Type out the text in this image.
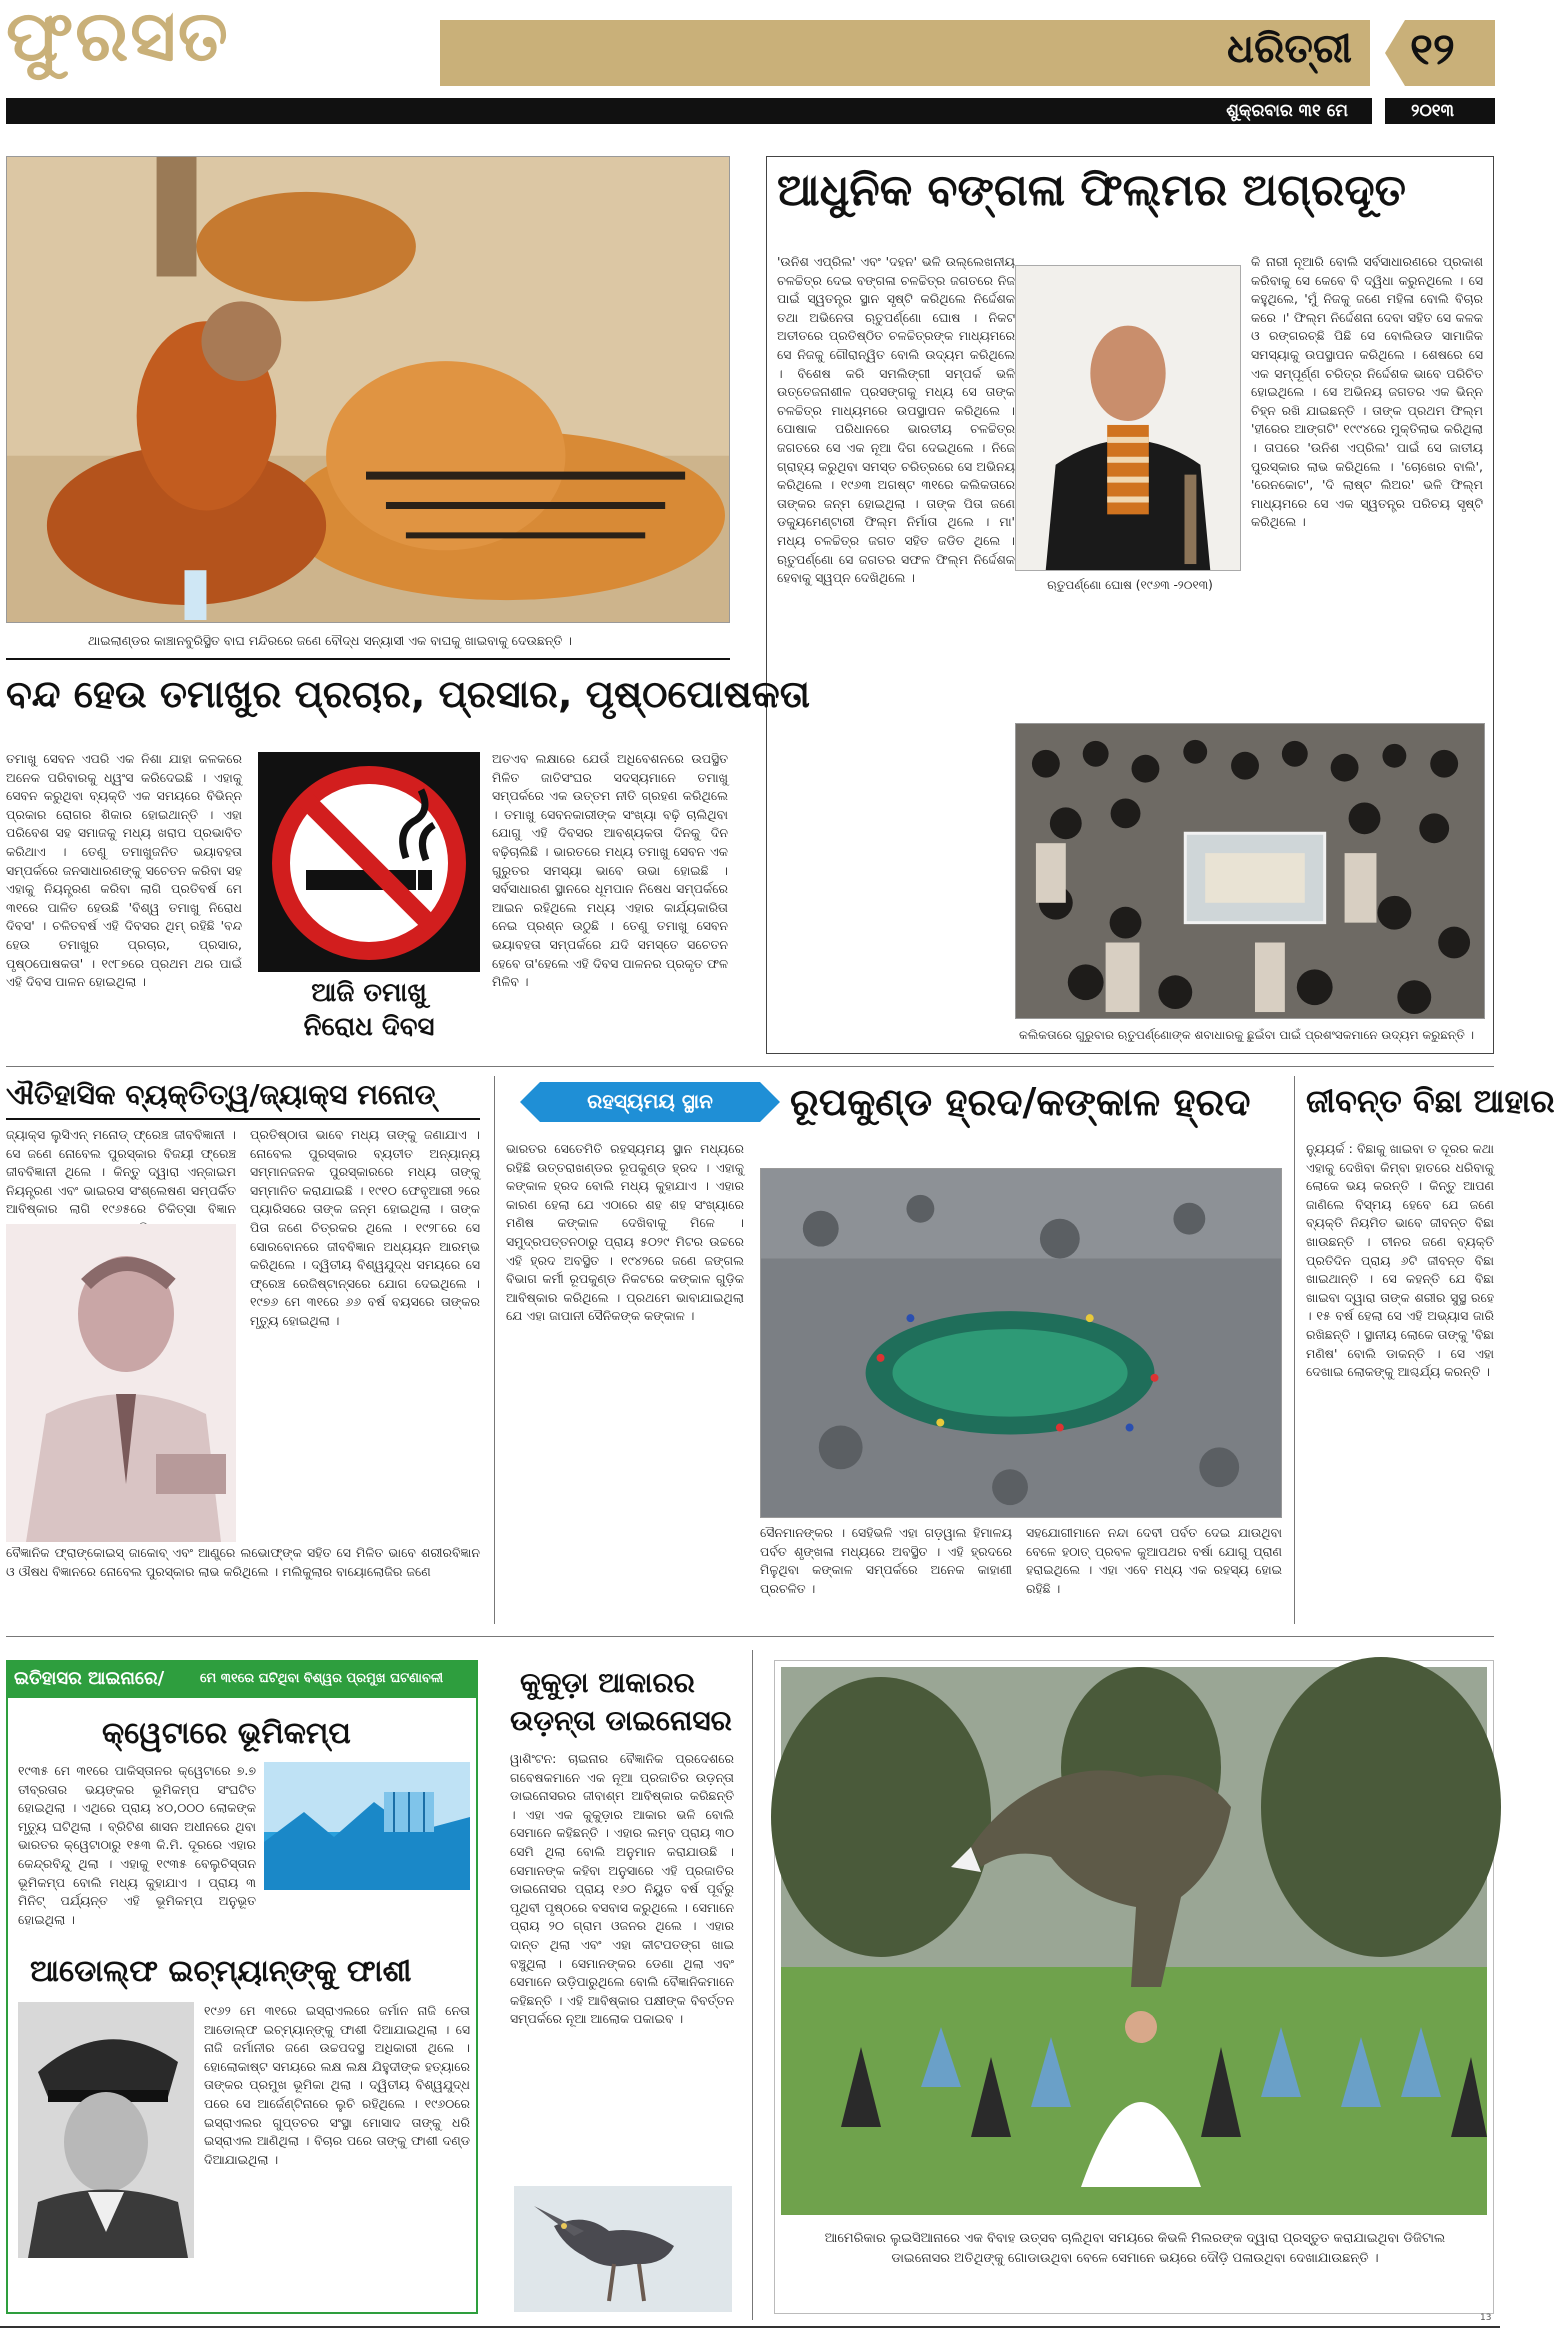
ଫୁରସତ	ଧରିତ୍ରୀ ୧୨
ଶୁକ୍ରବାର ୩୧ ମେ	୨୦୧୩
ଥାଇଲାଣ୍ଡର କାଞ୍ଚାନବୁରିସ୍ଥିତ ବାଘ ମନ୍ଦିରରେ ଜଣେ ବୌଦ୍ଧ ସନ୍ୟାସୀ ଏକ ବାଘକୁ ଖାଇବାକୁ ଦେଉଛନ୍ତି ।
ଆଧୁନିକ ବଙ୍ଗଳା ଫିଲ୍ମର ଅଗ୍ରଦୂତ
'ଉନିଶ ଏପ୍ରିଲ' ଏବଂ 'ଦହନ' ଭଳି ଉଲ୍ଲେଖନୀୟ ଚଳଚ୍ଚିତ୍ର ଦେଇ ବଙ୍ଗଳା ଚଳଚ୍ଚିତ୍ର ଜଗତରେ ନିଜ ପାଇଁ ସ୍ୱତନ୍ତ୍ର ସ୍ଥାନ ସୃଷ୍ଟି କରିଥିଲେ ନିର୍ଦ୍ଦେଶକ ତଥା ଅଭିନେତା ଋତୁପର୍ଣ୍ଣୋ ଘୋଷ । ନିକଟ ଅତୀତରେ ପ୍ରତିଷ୍ଠିତ ଚଳଚ୍ଚିତ୍ରଙ୍କ ମାଧ୍ୟମରେ ସେ ନିଜକୁ ଗୌରାନ୍ୱିତ ବୋଲି ଉଦ୍ୟମ କରିଥିଲେ । ବିଶେଷ କରି ସମଲିଙ୍ଗୀ ସମ୍ପର୍କ ଭଳି ଉତ୍ତେଜନାଶୀଳ ପ୍ରସଙ୍ଗକୁ ମଧ୍ୟ ସେ ତାଙ୍କ ଚଳଚ୍ଚିତ୍ର ମାଧ୍ୟମରେ ଉପସ୍ଥାପନ କରିଥିଲେ । ପୋଷାକ ପରିଧାନରେ ଭାରତୀୟ ଚଳଚ୍ଚିତ୍ର ଜଗତରେ ସେ ଏକ ନୂଆ ଦିଗ ଦେଇଥିଲେ । ନିଜେ ଗ୍ରାହ୍ୟ କରୁଥିବା ସମସ୍ତ ଚରିତ୍ରରେ ସେ ଅଭିନୟ କରିଥିଲେ । ୧୯୬୩ ଅଗଷ୍ଟ ୩୧ରେ କଲିକତାରେ ତାଙ୍କର ଜନ୍ମ ହୋଇଥିଲା । ତାଙ୍କ ପିତା ଜଣେ ଡକ୍ୟୁମେଣ୍ଟାରୀ ଫିଲ୍ମ ନିର୍ମାତା ଥିଲେ । ମା' ମଧ୍ୟ ଚଳଚ୍ଚିତ୍ର ଜଗତ ସହିତ ଜଡିତ ଥିଲେ । ଋତୁପର୍ଣ୍ଣୋ ସେ ଜଗତର ସଫଳ ଫିଲ୍ମ ନିର୍ଦ୍ଦେଶକ ହେବାକୁ ସ୍ୱପ୍ନ ଦେଖିଥିଲେ ।	ଋତୁପର୍ଣ୍ଣୋ ଘୋଷ (୧୯୬୩ -୨୦୧୩)
କି ନାରୀ ନୂଆରି ବୋଲି ସର୍ବସାଧାରଣରେ ପ୍ରକାଶ କରିବାକୁ ସେ କେବେ ବି ଦ୍ୱିଧା କରୁନଥିଲେ । ସେ କହୁଥିଲେ, 'ମୁଁ ନିଜକୁ ଜଣେ ମହିଳା ବୋଲି ବିଚାର କରେ ।' ଫିଲ୍ମ ନିର୍ଦ୍ଦେଶନା ଦେବା ସହିତ ସେ କଳକ ଓ ରଙ୍ଗରଚ୍ଛି ପିଛି ସେ ବୋଲିଉଡ ସାମାଜିକ ସମସ୍ୟାକୁ ଉପସ୍ଥାପନ କରିଥିଲେ । ଶେଷରେ ସେ ଏକ ସମ୍ପୂର୍ଣ୍ଣ ଚରିତ୍ର ନିର୍ଦ୍ଦେଶକ ଭାବେ ପରିଚିତ ହୋଇଥିଲେ । ସେ ଅଭିନୟ ଜଗତର ଏକ ଭିନ୍ନ ଚିହ୍ନ ରଖି ଯାଇଛନ୍ତି । ତାଙ୍କ ପ୍ରଥମ ଫିଲ୍ମ 'ହୀରେର ଆଙ୍ଗଟି' ୧୯୯୪ରେ ମୁକ୍ତିଲାଭ କରିଥିଲା । ତାପରେ 'ଉନିଶ ଏପ୍ରିଲ' ପାଇଁ ସେ ଜାତୀୟ ପୁରସ୍କାର ଲାଭ କରିଥିଲେ । 'ଚୋଖେର ବାଲି', 'ରେନକୋଟ', 'ଦି ଲାଷ୍ଟ ଲିଅର' ଭଳି ଫିଲ୍ମ ମାଧ୍ୟମରେ ସେ ଏକ ସ୍ୱତନ୍ତ୍ର ପରିଚୟ ସୃଷ୍ଟି କରିଥିଲେ ।
କଲିକତାରେ ଗୁରୁବାର ଋତୁପର୍ଣ୍ଣୋଙ୍କ ଶବାଧାରକୁ ଛୁଇଁବା ପାଇଁ ପ୍ରଶଂସକମାନେ ଉଦ୍ୟମ କରୁଛନ୍ତି ।
ବନ୍ଦ ହେଉ ତମାଖୁର ପ୍ରଚାର, ପ୍ରସାର, ପୃଷ୍ଠପୋଷକତା
ତମାଖୁ ସେବନ ଏପରି ଏକ ନିଶା ଯାହା କଳକରେ ଅନେକ ପରିବାରକୁ ଧ୍ୱଂସ କରିଦେଇଛି । ଏହାକୁ ସେବନ କରୁଥିବା ବ୍ୟକ୍ତି ଏକ ସମୟରେ ବିଭିନ୍ନ ପ୍ରକାର ରୋଗର ଶିକାର ହୋଇଥାନ୍ତି । ଏହା ପରିବେଶ ସହ ସମାଜକୁ ମଧ୍ୟ ଖରାପ ପ୍ରଭାବିତ କରିଥାଏ । ତେଣୁ ତମାଖୁଜନିତ ଭୟାବହତା ସମ୍ପର୍କରେ ଜନସାଧାରଣଙ୍କୁ ସଚେତନ କରିବା ସହ ଏହାକୁ ନିୟନ୍ତ୍ରଣ କରିବା ଲାଗି ପ୍ରତିବର୍ଷ ମେ ୩୧ରେ ପାଳିତ ହେଉଛି 'ବିଶ୍ୱ ତମାଖୁ ନିରୋଧ ଦିବସ' । ଚଳିତବର୍ଷ ଏହି ଦିବସର ଥିମ୍ ରହିଛି 'ବନ୍ଦ ହେଉ ତମାଖୁର ପ୍ରଚାର, ପ୍ରସାର, ପୃଷ୍ଠପୋଷକତା' । ୧୯୮୭ରେ ପ୍ରଥମ ଥର ପାଇଁ ଏହି ଦିବସ ପାଳନ ହୋଇଥିଲା ।	ଆଜି ତମାଖୁ
ନିରୋଧ ଦିବସ
ଅତଏବ ଲକ୍ଷାରେ ଯେଉଁ ଅଧିବେଶନରେ ଉପସ୍ଥିତ ମିଳିତ ଜାତିସଂଘର ସଦସ୍ୟମାନେ ତମାଖୁ ସମ୍ପର୍କରେ ଏକ ଉତ୍ତମ ନୀତି ଗ୍ରହଣ କରିଥିଲେ । ତମାଖୁ ସେବନକାରୀଙ୍କ ସଂଖ୍ୟା ବଢ଼ି ଚାଲିଥିବା ଯୋଗୁ ଏହି ଦିବସର ଆବଶ୍ୟକତା ଦିନକୁ ଦିନ ବଢ଼ିଚାଲିଛି । ଭାରତରେ ମଧ୍ୟ ତମାଖୁ ସେବନ ଏକ ଗୁରୁତର ସମସ୍ୟା ଭାବେ ଉଭା ହୋଇଛି । ସର୍ବସାଧାରଣ ସ୍ଥାନରେ ଧୂମପାନ ନିଷେଧ ସମ୍ପର୍କରେ ଆଇନ ରହିଥିଲେ ମଧ୍ୟ ଏହାର କାର୍ଯ୍ୟକାରିତା ନେଇ ପ୍ରଶ୍ନ ଉଠୁଛି । ତେଣୁ ତମାଖୁ ସେବନ ଭୟାବହତା ସମ୍ପର୍କରେ ଯଦି ସମସ୍ତେ ସଚେତନ ହେବେ ତା'ହେଲେ ଏହି ଦିବସ ପାଳନର ପ୍ରକୃତ ଫଳ ମିଳିବ ।
ଐତିହାସିକ ବ୍ୟକ୍ତିତ୍ୱ/ଜ୍ୟାକ୍ସ ମନୋଡ୍
ଜ୍ୟାକ୍ସ ଲୁସିଏନ୍ ମନୋଡ୍ ଫ୍ରେଞ୍ଚ ଜୀବବିଜ୍ଞାନୀ । ସେ ଜଣେ ନୋବେଲ ପୁରସ୍କାର ବିଜୟୀ ଫ୍ରେଞ୍ଚ ଜୀବବିଜ୍ଞାନୀ ଥିଲେ । କିନ୍ତୁ ଦ୍ୱାରା ଏନ୍‌ଜାଇମ ନିୟନ୍ତ୍ରଣ ଏବଂ ଭାଇରସ ସଂଶ୍ଲେଷଣ ସମ୍ପର୍କିତ ଆବିଷ୍କାର ଲାଗି ୧୯୬୫ରେ ଚିକିତ୍ସା ବିଜ୍ଞାନ
ପ୍ରତିଷ୍ଠାତା ଭାବେ ମଧ୍ୟ ତାଙ୍କୁ ଜଣାଯାଏ । ନୋବେଲ ପୁରସ୍କାର ବ୍ୟତୀତ ଅନ୍ୟାନ୍ୟ ସମ୍ମାନଜନକ ପୁରସ୍କାରରେ ମଧ୍ୟ ତାଙ୍କୁ ସମ୍ମାନିତ କରାଯାଇଛି । ୧୯୧୦ ଫେବୃଆରୀ ୨ରେ ପ୍ୟାରିସରେ ତାଙ୍କ ଜନ୍ମ ହୋଇଥିଲା । ତାଙ୍କ ପିତା ଜଣେ ଚିତ୍ରକର ଥିଲେ । ୧୯୨୮ରେ ସେ ସୋରବୋନରେ ଜୀବବିଜ୍ଞାନ ଅଧ୍ୟୟନ ଆରମ୍ଭ କରିଥିଲେ । ଦ୍ୱିତୀୟ ବିଶ୍ୱଯୁଦ୍ଧ ସମୟରେ ସେ ଫ୍ରେଞ୍ଚ ରେଜିଷ୍ଟାନ୍ସରେ ଯୋଗ ଦେଇଥିଲେ । ୧୯୭୬ ମେ ୩୧ରେ ୬୬ ବର୍ଷ ବୟସରେ ତାଙ୍କର ମୃତ୍ୟୁ ହୋଇଥିଲା ।
ବୈଜ୍ଞାନିକ ଫ୍ରାଙ୍କୋଇସ୍ ଜାକୋବ୍ ଏବଂ ଆଣ୍ଡ୍ରେ ଲଭୋଫ୍‌ଙ୍କ ସହିତ ସେ ମିଳିତ ଭାବେ ଶରୀରବିଜ୍ଞାନ ଓ ଔଷଧ ବିଜ୍ଞାନରେ ନୋବେଲ ପୁରସ୍କାର ଲାଭ କରିଥିଲେ । ମଲିକୁଲାର ବାୟୋଲୋଜିର ଜଣେ
ରହସ୍ୟମୟ ସ୍ଥାନ	ରୂପକୁଣ୍ଡ ହ୍ରଦ/କଙ୍କାଳ ହ୍ରଦ
ଭାରତର ସେତେମିତି ରହସ୍ୟମୟ ସ୍ଥାନ ମଧ୍ୟରେ ରହିଛି ଉତ୍ତରାଖଣ୍ଡର ରୂପକୁଣ୍ଡ ହ୍ରଦ । ଏହାକୁ କଙ୍କାଳ ହ୍ରଦ ବୋଲି ମଧ୍ୟ କୁହାଯାଏ । ଏହାର କାରଣ ହେଲା ଯେ ଏଠାରେ ଶହ ଶହ ସଂଖ୍ୟାରେ ମଣିଷ କଙ୍କାଳ ଦେଖିବାକୁ ମିଳେ । ସମୁଦ୍ରପତ୍ତନଠାରୁ ପ୍ରାୟ ୫୦୨୯ ମିଟର ଉଚ୍ଚରେ ଏହି ହ୍ରଦ ଅବସ୍ଥିତ । ୧୯୪୨ରେ ଜଣେ ଜଙ୍ଗଲ ବିଭାଗ କର୍ମୀ ରୂପକୁଣ୍ଡ ନିକଟରେ କଙ୍କାଳ ଗୁଡ଼ିକ ଆବିଷ୍କାର କରିଥିଲେ । ପ୍ରଥମେ ଭାବାଯାଇଥିଲା ଯେ ଏହା ଜାପାନୀ ସୈନିକଙ୍କ କଙ୍କାଳ ।
ସୈନମାନଙ୍କର । ସେହିଭଳି ଏହା ଗଡ଼ୱାଲ ହିମାଳୟ ପର୍ବତ ଶୃଙ୍ଖଳା ମଧ୍ୟରେ ଅବସ୍ଥିତ । ଏହି ହ୍ରଦରେ ମିଳୁଥିବା କଙ୍କାଳ ସମ୍ପର୍କରେ ଅନେକ କାହାଣୀ ପ୍ରଚଳିତ ।
ସହଯୋଗୀମାନେ ନନ୍ଦା ଦେବୀ ପର୍ବତ ଦେଇ ଯାଉଥିବା ବେଳେ ହଠାତ୍ ପ୍ରବଳ କୁଆପଥର ବର୍ଷା ଯୋଗୁ ପ୍ରାଣ ହରାଇଥିଲେ । ଏହା ଏବେ ମଧ୍ୟ ଏକ ରହସ୍ୟ ହୋଇ ରହିଛି ।
ଜୀବନ୍ତ ବିଛା ଆହାର
ନ୍ୟୁୟର୍କ : ବିଛାକୁ ଖାଇବା ତ ଦୂରର କଥା ଏହାକୁ ଦେଖିବା କିମ୍ବା ହାତରେ ଧରିବାକୁ ଲୋକେ ଭୟ କରନ୍ତି । କିନ୍ତୁ ଆପଣ ଜାଣିଲେ ବିସ୍ମୟ ହେବେ ଯେ ଜଣେ ବ୍ୟକ୍ତି ନିୟମିତ ଭାବେ ଜୀବନ୍ତ ବିଛା ଖାଉଛନ୍ତି । ଚୀନର ଜଣେ ବ୍ୟକ୍ତି ପ୍ରତିଦିନ ପ୍ରାୟ ୬ଟି ଜୀବନ୍ତ ବିଛା ଖାଇଥାନ୍ତି । ସେ କହନ୍ତି ଯେ ବିଛା ଖାଇବା ଦ୍ୱାରା ତାଙ୍କ ଶରୀର ସୁସ୍ଥ ରହେ । ୧୫ ବର୍ଷ ହେଲା ସେ ଏହି ଅଭ୍ୟାସ ଜାରି ରଖିଛନ୍ତି । ସ୍ଥାନୀୟ ଲୋକେ ତାଙ୍କୁ 'ବିଛା ମଣିଷ' ବୋଲି ଡାକନ୍ତି । ସେ ଏହା ଦେଖାଇ ଲୋକଙ୍କୁ ଆଶ୍ଚର୍ଯ୍ୟ କରନ୍ତି ।
ଇତିହାସର ଆଇନାରେ/	ମେ ୩୧ରେ ଘଟିଥିବା ବିଶ୍ୱର ପ୍ରମୁଖ ଘଟଣାବଳୀ
କ୍ୱେଟାରେ ଭୂମିକମ୍ପ
୧୯୩୫ ମେ ୩୧ରେ ପାକିସ୍ତାନର କ୍ୱେଟାରେ ୭.୭ ତୀବ୍ରତାର ଭୟଙ୍କର ଭୂମିକମ୍ପ ସଂଘଟିତ ହୋଇଥିଲା । ଏଥିରେ ପ୍ରାୟ ୪୦,୦୦୦ ଲୋକଙ୍କ ମୃତ୍ୟୁ ଘଟିଥିଲା । ବ୍ରିଟିଶ ଶାସନ ଅଧୀନରେ ଥିବା ଭାରତର କ୍ୱେଟାଠାରୁ ୧୫୩ କି.ମି. ଦୂରରେ ଏହାର କେନ୍ଦ୍ରବିନ୍ଦୁ ଥିଲା । ଏହାକୁ ୧୯୩୫ ବେଲୁଚିସ୍ତାନ ଭୂମିକମ୍ପ ବୋଲି ମଧ୍ୟ କୁହାଯାଏ । ପ୍ରାୟ ୩ ମିନିଟ୍ ପର୍ଯ୍ୟନ୍ତ ଏହି ଭୂମିକମ୍ପ ଅନୁଭୂତ ହୋଇଥିଲା ।
ଆଡୋଲ୍ଫ ଇଚ୍‌ମ୍ୟାନ୍‌ଙ୍କୁ ଫାଶୀ
୧୯୬୨ ମେ ୩୧ରେ ଇସ୍ରାଏଲରେ ଜର୍ମାନ ନାଜି ନେତା ଆଡୋଲ୍ଫ ଇଚ୍‌ମ୍ୟାନ୍‌ଙ୍କୁ ଫାଶୀ ଦିଆଯାଇଥିଲା । ସେ ନାଜି ଜର୍ମାନୀର ଜଣେ ଉଚ୍ଚପଦସ୍ଥ ଅଧିକାରୀ ଥିଲେ । ହୋଲୋକାଷ୍ଟ ସମୟରେ ଲକ୍ଷ ଲକ୍ଷ ଯିହୁଦୀଙ୍କ ହତ୍ୟାରେ ତାଙ୍କର ପ୍ରମୁଖ ଭୂମିକା ଥିଲା । ଦ୍ୱିତୀୟ ବିଶ୍ୱଯୁଦ୍ଧ ପରେ ସେ ଆର୍ଜେଣ୍ଟିନାରେ ଲୁଚି ରହିଥିଲେ । ୧୯୬୦ରେ ଇସ୍ରାଏଲର ଗୁପ୍ତଚର ସଂସ୍ଥା ମୋସାଦ ତାଙ୍କୁ ଧରି ଇସ୍ରାଏଲ ଆଣିଥିଲା । ବିଚାର ପରେ ତାଙ୍କୁ ଫାଶୀ ଦଣ୍ଡ ଦିଆଯାଇଥିଲା ।
କୁକୁଡ଼ା ଆକାରର
ଉଡ଼ନ୍ତା ଡାଇନୋସର
ୱାଶିଂଟନ: ଚାଇନାର ବୈଜ୍ଞାନିକ ପ୍ରଦେଶରେ ଗବେଷକମାନେ ଏକ ନୂଆ ପ୍ରଜାତିର ଉଡ଼ନ୍ତା ଡାଇନୋସରର ଜୀବାଶ୍ମ ଆବିଷ୍କାର କରିଛନ୍ତି । ଏହା ଏକ କୁକୁଡ଼ାର ଆକାର ଭଳି ବୋଲି ସେମାନେ କହିଛନ୍ତି । ଏହାର ଲମ୍ବ ପ୍ରାୟ ୩୦ ସେମି ଥିଲା ବୋଲି ଅନୁମାନ କରାଯାଉଛି । ସେମାନଙ୍କ କହିବା ଅନୁସାରେ ଏହି ପ୍ରଜାତିର ଡାଇନୋସର ପ୍ରାୟ ୧୬୦ ନିୟୁତ ବର୍ଷ ପୂର୍ବରୁ ପୃଥିବୀ ପୃଷ୍ଠରେ ବସବାସ କରୁଥିଲେ । ସେମାନେ ପ୍ରାୟ ୨୦ ଗ୍ରାମ ଓଜନର ଥିଲେ । ଏହାର ଦାନ୍ତ ଥିଲା ଏବଂ ଏହା କୀଟପତଙ୍ଗ ଖାଇ ବଞ୍ଚୁଥିଲା । ସେମାନଙ୍କର ଡେଣା ଥିଲା ଏବଂ ସେମାନେ ଉଡ଼ିପାରୁଥିଲେ ବୋଲି ବୈଜ୍ଞାନିକମାନେ କହିଛନ୍ତି । ଏହି ଆବିଷ୍କାର ପକ୍ଷୀଙ୍କ ବିବର୍ତ୍ତନ ସମ୍ପର୍କରେ ନୂଆ ଆଲୋକ ପକାଇବ ।
ଆମେରିକାର ଲୁଇସିଆନାରେ ଏକ ବିବାହ ଉତ୍ସବ ଚାଲିଥିବା ସମୟରେ କିଭଳି ମିଲରଙ୍କ ଦ୍ୱାରା ପ୍ରସ୍ତୁତ କରାଯାଇଥିବା ଡିଜିଟାଲ ଡାଇନୋସର ଅତିଥିଙ୍କୁ ଗୋଡାଉଥିବା ବେଳେ ସେମାନେ ଭୟରେ ଦୌଡ଼ି ପଳାଉଥିବା ଦେଖାଯାଉଛନ୍ତି ।
13
